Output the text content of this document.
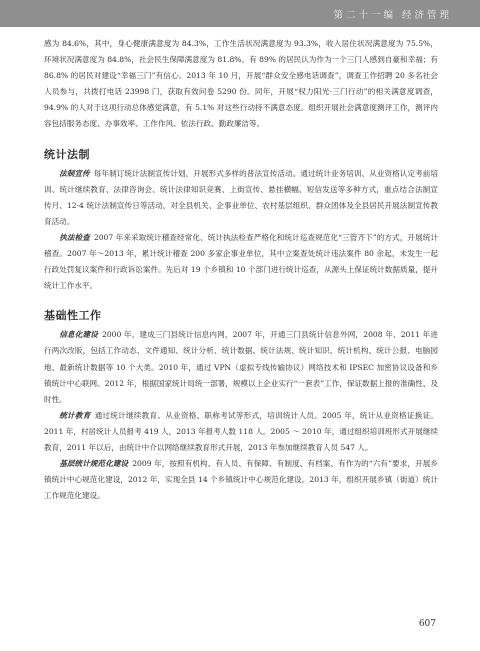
第二十一编 经济管理

感为 84.6%，其中，身心健康满意度为 84.3%，工作生活状况满意度为 93.3%，收入居住状况满意度为 75.5%，环境状况满意度为 84.8%，社会民生保障满意度为 81.8%。有 89% 的居民认为作为一个三门人感到自豪和幸福；有 86.8% 的居民对建设“幸福三门”有信心。2013 年 10 月，开展“群众安全感电话调查”，调查工作招聘 20 多名社会人员参与，共拨打电话 23998 门，获取有效问卷 5290 份。同年，开展“权力阳光·三门行动”的相关满意度调查，94.9% 的人对于这项行动总体感觉满意，有 5.1% 对这些行动持不满意态度。组织开展社会满意度测评工作，测评内容包括服务态度、办事效率、工作作风、依法行政、勤政廉洁等。

统计法制

法制宣传 每年制订统计法制宣传计划，开展形式多样的普法宣传活动。通过统计业务培训、从业资格认定考前培训、统计继续教育、法律咨询会、统计法律知识竞赛、上街宣传、悬挂横幅、短信发送等多种方式，重点结合法制宣传月、12·4 统计法制宣传日等活动，对全县机关、企事业单位、农村基层组织、群众团体及全县居民开展法制宣传教育活动。

执法检查 2007 年来采取统计稽查经常化、统计执法检查严格化和统计巡查规范化“三管齐下”的方式，开展统计稽查。2007 年～2013 年，累计统计稽查 200 多家企事业单位，其中立案查处统计违法案件 80 余起，未发生一起行政处罚复议案件和行政诉讼案件。先后对 19 个乡镇和 10 个部门进行统计巡查，从源头上保证统计数据质量，提升统计工作水平。

基础性工作

信息化建设 2000 年，建成三门县统计信息内网，2007 年，开通三门县统计信息外网，2008 年、2011 年进行两次改版，包括工作动态、文件通知、统计分析、统计数据、统计法规、统计知识、统计机构、统计公报、电脑园地、最新统计数据等 10 个大类。2010 年，通过 VPN（虚拟专线传输协议）网络技术和 IPSEC 加密协议设备和乡镇统计中心联网。2012 年，根据国家统计局统一部署，规模以上企业实行“一套表”工作，保证数据上报的准确性、及时性。

统计教育 通过统计继续教育、从业资格、职称考试等形式，培训统计人员。2005 年，统计从业资格证换证。2011 年，村居统计人员报考 419 人，2013 年报考人数 118 人。2005 ～ 2010 年，通过组织培训班形式开展继续教育，2011 年以后，由统计中介以网络继续教育形式开展，2013 年参加继续教育人员 547 人。

基层统计规范化建设 2009 年，按照有机构、有人员、有保障、有制度、有档案、有作为的“六有”要求，开展乡镇统计中心规范化建设，2012 年，实现全县 14 个乡镇统计中心规范化建设。2013 年，组织开展乡镇（街道）统计工作规范化建设。

607
